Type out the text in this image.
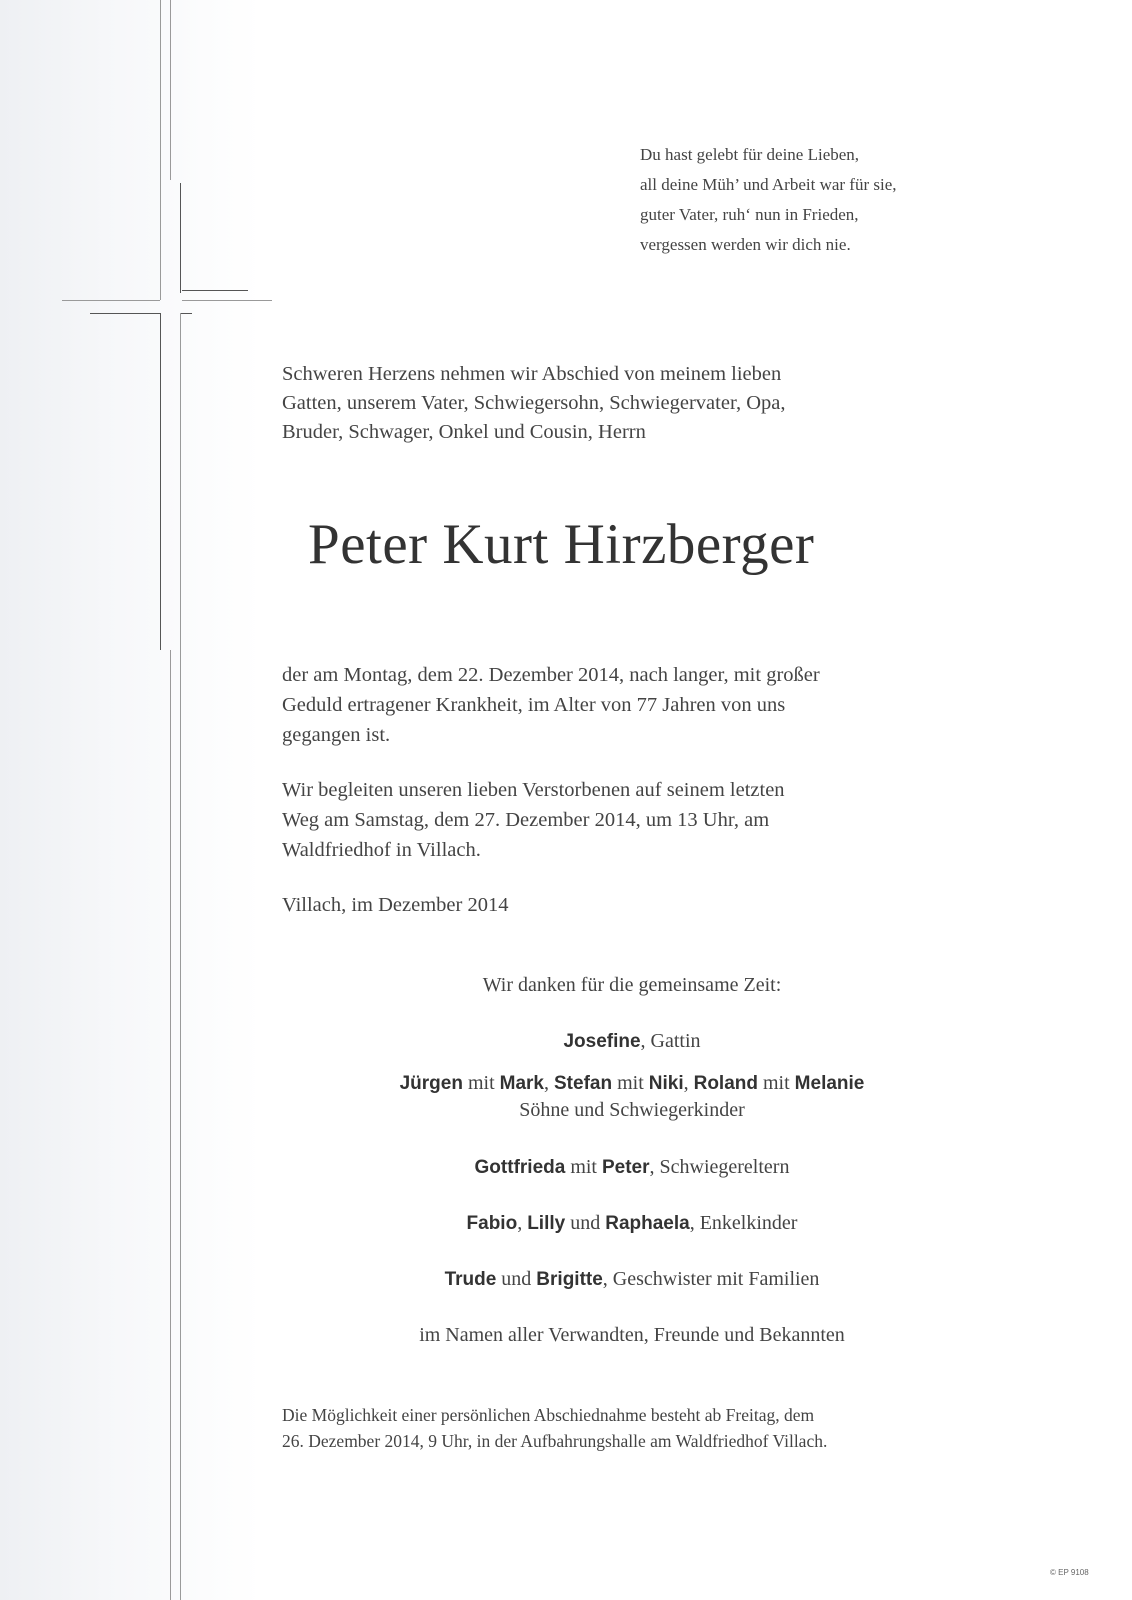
Du hast gelebt für deine Lieben,
all deine Müh’ und Arbeit war für sie,
guter Vater, ruh‘ nun in Frieden,
vergessen werden wir dich nie.
Schweren Herzens nehmen wir Abschied von meinem lieben
Gatten, unserem Vater, Schwiegersohn, Schwiegervater, Opa,
Bruder, Schwager, Onkel und Cousin, Herrn
Peter Kurt Hirzberger
der am Montag, dem 22. Dezember 2014, nach langer, mit großer
Geduld ertragener Krankheit, im Alter von 77 Jahren von uns
gegangen ist.
Wir begleiten unseren lieben Verstorbenen auf seinem letzten
Weg am Samstag, dem 27. Dezember 2014, um 13 Uhr, am
Waldfriedhof in Villach.
Villach, im Dezember 2014
Wir danken für die gemeinsame Zeit:
Josefine, Gattin
Jürgen mit Mark, Stefan mit Niki, Roland mit Melanie
Söhne und Schwiegerkinder
Gottfrieda mit Peter, Schwiegereltern
Fabio, Lilly und Raphaela, Enkelkinder
Trude und Brigitte, Geschwister mit Familien
im Namen aller Verwandten, Freunde und Bekannten
Die Möglichkeit einer persönlichen Abschiednahme besteht ab Freitag, dem
26. Dezember 2014, 9 Uhr, in der Aufbahrungshalle am Waldfriedhof Villach.
© EP 9108
